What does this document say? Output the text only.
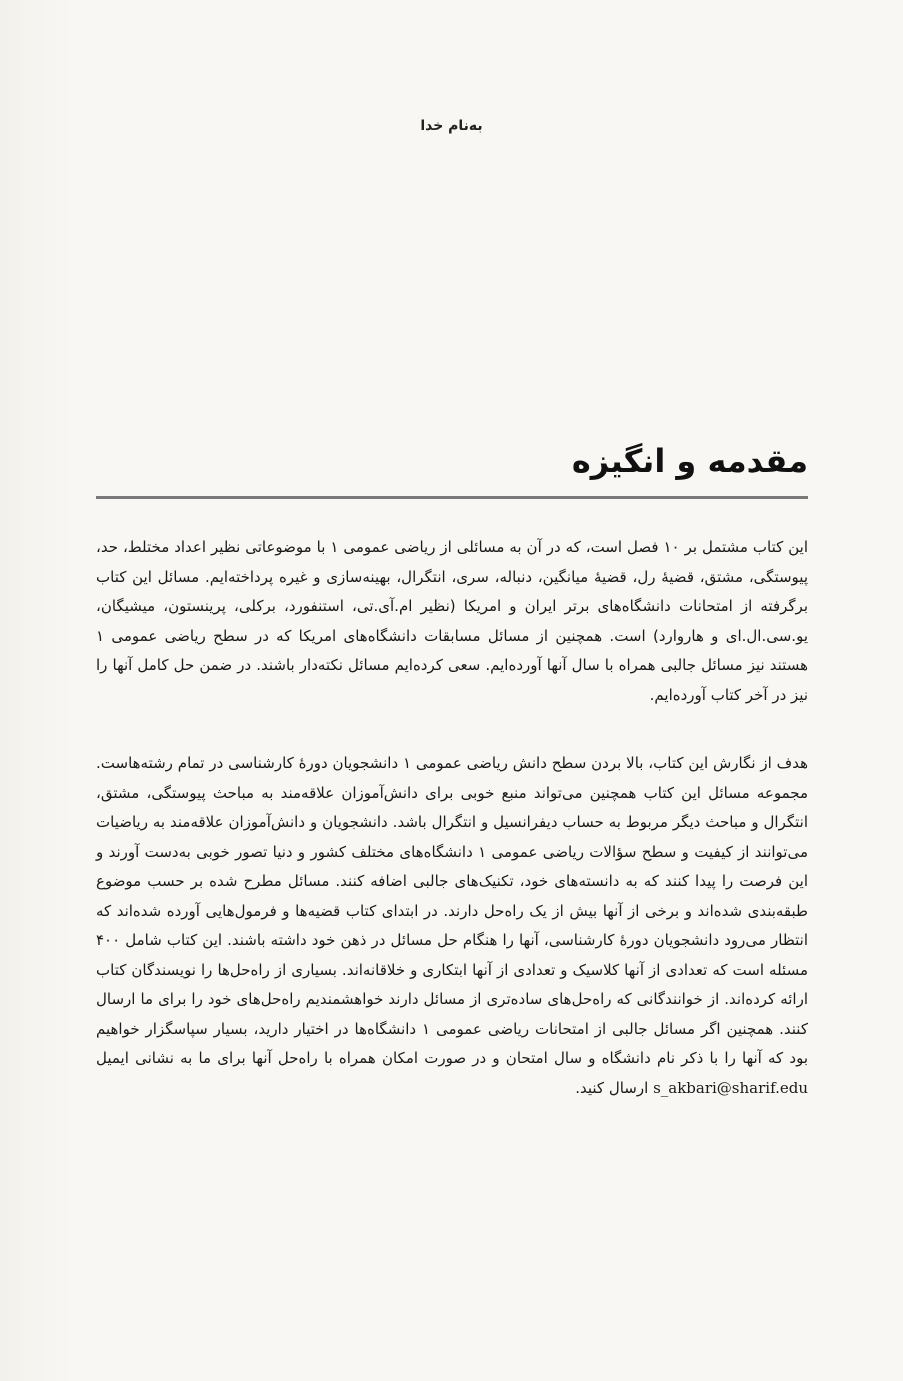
به‌نام خدا
مقدمه و انگیزه

این کتاب مشتمل بر ۱۰ فصل است، که در آن به مسائلی از ریاضی عمومی ۱ با موضوعاتی نظیر اعداد مختلط، حد، پیوستگی، مشتق، قضیهٔ رل، قضیهٔ میانگین، دنباله، سری، انتگرال، بهینه‌سازی و غیره پرداخته‌ایم. مسائل این کتاب برگرفته از امتحانات دانشگاه‌های برتر ایران و امریکا (نظیر ام.آی.تی، استنفورد، برکلی، پرینستون، میشیگان، یو.سی.ال.ای و هاروارد) است. همچنین از مسائل مسابقات دانشگاه‌های امریکا که در سطح ریاضی عمومی ۱ هستند نیز مسائل جالبی همراه با سال آنها آورده‌ایم. سعی کرده‌ایم مسائل نکته‌دار باشند. در ضمن حل کامل آنها را نیز در آخر کتاب آورده‌ایم.

هدف از نگارش این کتاب، بالا بردن سطح دانش ریاضی عمومی ۱ دانشجویان دورهٔ کارشناسی در تمام رشته‌هاست. مجموعه مسائل این کتاب همچنین می‌تواند منبع خوبی برای دانش‌آموزان علاقه‌مند به مباحث پیوستگی، مشتق، انتگرال و مباحث دیگر مربوط به حساب دیفرانسیل و انتگرال باشد. دانشجویان و دانش‌آموزان علاقه‌مند به ریاضیات می‌توانند از کیفیت و سطح سؤالات ریاضی عمومی ۱ دانشگاه‌های مختلف کشور و دنیا تصور خوبی به‌دست آورند و این فرصت را پیدا کنند که به دانسته‌های خود، تکنیک‌های جالبی اضافه کنند. مسائل مطرح شده بر حسب موضوع طبقه‌بندی شده‌اند و برخی از آنها بیش از یک راه‌حل دارند. در ابتدای کتاب قضیه‌ها و فرمول‌هایی آورده شده‌اند که انتظار می‌رود دانشجویان دورهٔ کارشناسی، آنها را هنگام حل مسائل در ذهن خود داشته باشند. این کتاب شامل ۴۰۰ مسئله است که تعدادی از آنها کلاسیک و تعدادی از آنها ابتکاری و خلاقانه‌اند. بسیاری از راه‌حل‌ها را نویسندگان کتاب ارائه کرده‌اند. از خوانندگانی که راه‌حل‌های ساده‌تری از مسائل دارند خواهشمندیم راه‌حل‌های خود را برای ما ارسال کنند. همچنین اگر مسائل جالبی از امتحانات ریاضی عمومی ۱ دانشگاه‌ها در اختیار دارید، بسیار سپاسگزار خواهیم بود که آنها را با ذکر نام دانشگاه و سال امتحان و در صورت امکان همراه با راه‌حل آنها برای ما به نشانی ایمیل s_akbari@sharif.edu ارسال کنید.
